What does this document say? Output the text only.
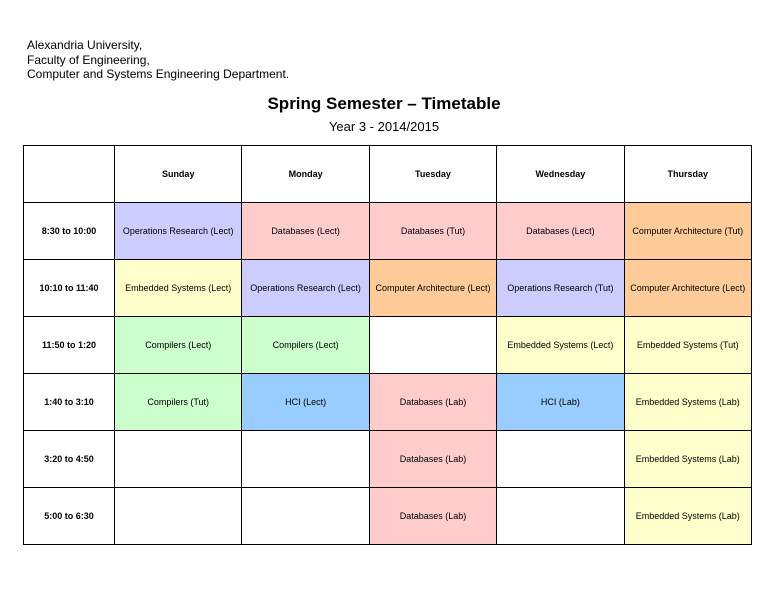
Alexandria University,
Faculty of Engineering,
Computer and Systems Engineering Department.
Spring Semester – Timetable
Year 3 - 2014/2015
	Sunday	Monday	Tuesday	Wednesday	Thursday
8:30 to 10:00	Operations Research (Lect)	Databases (Lect)	Databases (Tut)	Databases (Lect)	Computer Architecture (Tut)
10:10 to 11:40	Embedded Systems (Lect)	Operations Research (Lect)	Computer Architecture (Lect)	Operations Research (Tut)	Computer Architecture (Lect)
11:50 to 1:20	Compilers (Lect)	Compilers (Lect)		Embedded Systems (Lect)	Embedded Systems (Tut)
1:40 to 3:10	Compilers (Tut)	HCI (Lect)	Databases (Lab)	HCI (Lab)	Embedded Systems (Lab)
3:20 to 4:50			Databases (Lab)		Embedded Systems (Lab)
5:00 to 6:30			Databases (Lab)		Embedded Systems (Lab)
